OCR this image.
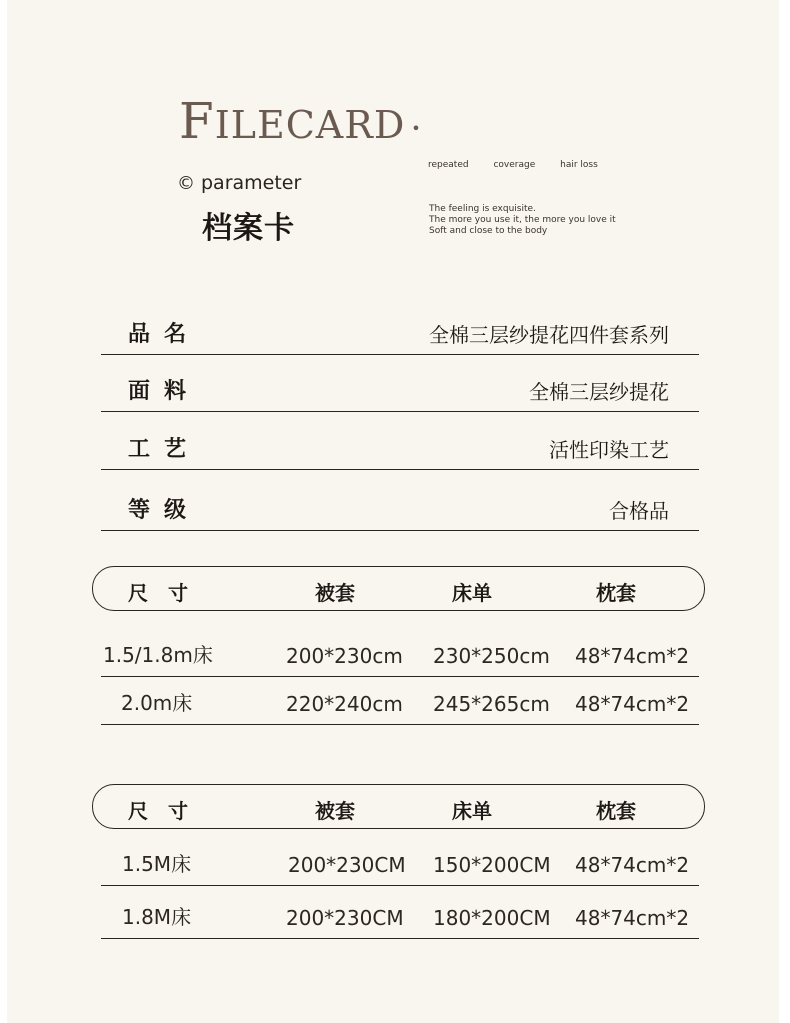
FILECARD •
© parameter
档案卡
repeated	coverage	hair loss
The feeling is exquisite.
The more you use it, the more you love it
Soft and close to the body
品名	全棉三层纱提花四件套系列
面料	全棉三层纱提花
工艺	活性印染工艺
等级	合格品
尺寸	被套	床单	枕套
1.5/1.8m床	200*230cm 230*250cm 48*74cm*2
2.0m床	220*240cm 245*265cm 48*74cm*2
尺寸	被套	床单	枕套
1.5M床	200*230CM 150*200CM 48*74cm*2
1.8M床	200*230CM 180*200CM 48*74cm*2
